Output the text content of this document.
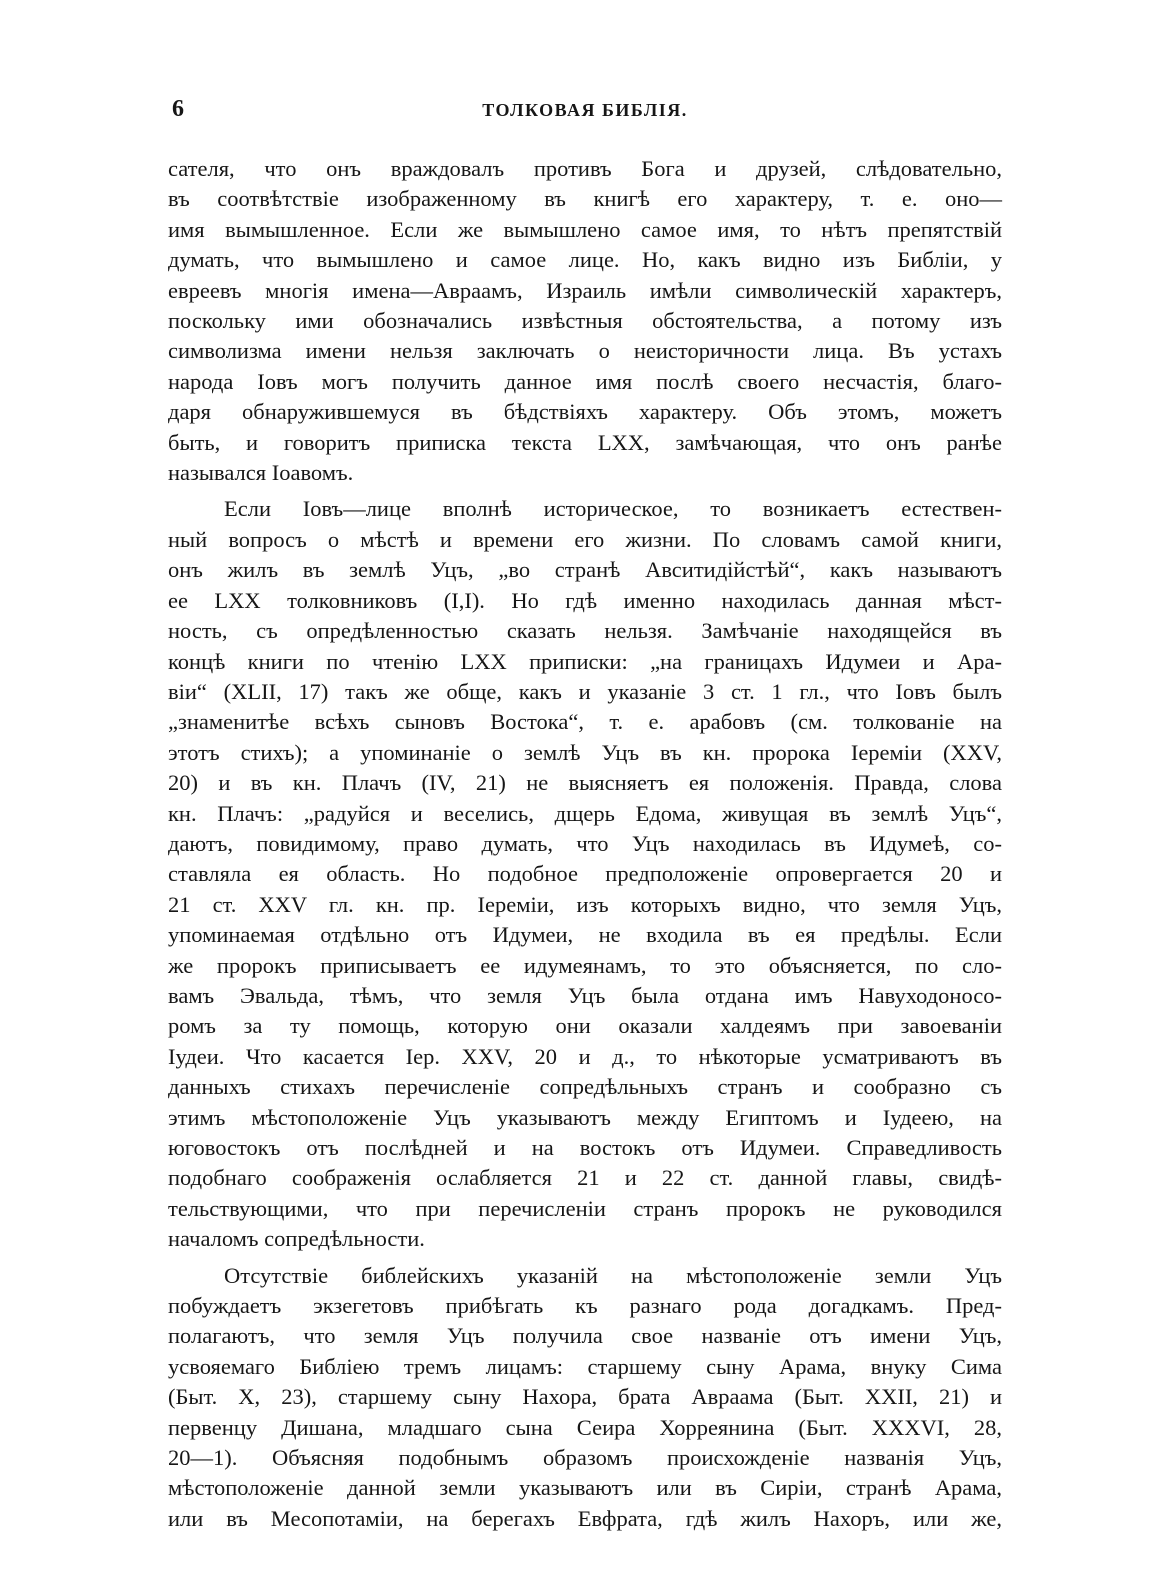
6	ТОЛКОВАЯ БИБЛІЯ.

сателя, что онъ враждовалъ противъ Бога и друзей, слѣдовательно,
въ соотвѣтствіе изображенному въ книгѣ его характеру, т. е. оно—
имя вымышленное. Если же вымышлено самое имя, то нѣтъ препятствій
думать, что вымышлено и самое лице. Но, какъ видно изъ Библіи, у
евреевъ многія имена—Авраамъ, Израиль имѣли символическій характеръ,
поскольку ими обозначались извѣстныя обстоятельства, а потому изъ
символизма имени нельзя заключать о неисторичности лица. Въ устахъ
народа Іовъ могъ получить данное имя послѣ своего несчастія, благо-
даря обнаружившемуся въ бѣдствіяхъ характеру. Объ этомъ, можетъ
быть, и говоритъ приписка текста LXX, замѣчающая, что онъ ранѣе
назывался Іоавомъ.

Если Іовъ—лице вполнѣ историческое, то возникаетъ естествен-
ный вопросъ о мѣстѣ и времени его жизни. По словамъ самой книги,
онъ жилъ въ землѣ Уцъ, „во странѣ Авситидійстѣй“, какъ называютъ
ее LXX толковниковъ (I,I). Но гдѣ именно находилась данная мѣст-
ность, съ опредѣленностью сказать нельзя. Замѣчаніе находящейся въ
концѣ книги по чтенію LXX приписки: „на границахъ Идумеи и Ара-
віи“ (XLII, 17) такъ же обще, какъ и указаніе 3 ст. 1 гл., что Іовъ былъ
„знаменитѣе всѣхъ сыновъ Востока“, т. е. арабовъ (см. толкованіе на
этотъ стихъ); а упоминаніе о землѣ Уцъ въ кн. пророка Іереміи (XXV,
20) и въ кн. Плачъ (IV, 21) не выясняетъ ея положенія. Правда, слова
кн. Плачъ: „радуйся и веселись, дщерь Едома, живущая въ землѣ Уцъ“,
даютъ, повидимому, право думать, что Уцъ находилась въ Идумеѣ, со-
ставляла ея область. Но подобное предположеніе опровергается 20 и
21 ст. XXV гл. кн. пр. Іереміи, изъ которыхъ видно, что земля Уцъ,
упоминаемая отдѣльно отъ Идумеи, не входила въ ея предѣлы. Если
же пророкъ приписываетъ ее идумеянамъ, то это объясняется, по сло-
вамъ Эвальда, тѣмъ, что земля Уцъ была отдана имъ Навуходоносо-
ромъ за ту помощь, которую они оказали халдеямъ при завоеваніи
Іудеи. Что касается Іер. XXV, 20 и д., то нѣкоторые усматриваютъ въ
данныхъ стихахъ перечисленіе сопредѣльныхъ странъ и сообразно съ
этимъ мѣстоположеніе Уцъ указываютъ между Египтомъ и Іудеею, на
юговостокъ отъ послѣдней и на востокъ отъ Идумеи. Справедливость
подобнаго соображенія ослабляется 21 и 22 ст. данной главы, свидѣ-
тельствующими, что при перечисленіи странъ пророкъ не руководился
началомъ сопредѣльности.

Отсутствіе библейскихъ указаній на мѣстоположеніе земли Уцъ
побуждаетъ экзегетовъ прибѣгать къ разнаго рода догадкамъ. Пред-
полагаютъ, что земля Уцъ получила свое названіе отъ имени Уцъ,
усвояемаго Библіею тремъ лицамъ: старшему сыну Арама, внуку Сима
(Быт. X, 23), старшему сыну Нахора, брата Авраама (Быт. XXII, 21) и
первенцу Дишана, младшаго сына Сеира Хорреянина (Быт. XXXVI, 28,
20—1). Объясняя подобнымъ образомъ происхожденіе названія Уцъ,
мѣстоположеніе данной земли указываютъ или въ Сиріи, странѣ Арама,
или въ Месопотаміи, на берегахъ Евфрата, гдѣ жилъ Нахоръ, или же,
